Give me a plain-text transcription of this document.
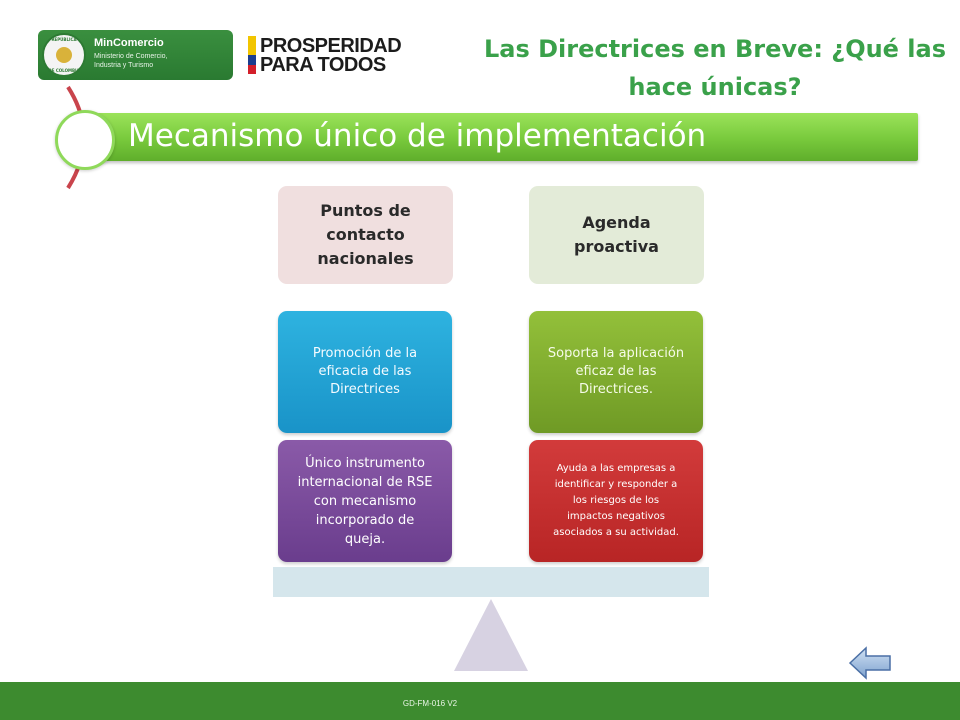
REPÚBLICA
DE COLOMBIA
MinComercio
Ministerio de Comercio,
Industria y Turismo
PROSPERIDAD
PARA TODOS
Las Directrices en Breve: ¿Qué las
hace únicas?
Mecanismo único de implementación
Puntos de
contacto
nacionales
Promoción de la
eficacia de las
Directrices
Único instrumento
internacional de RSE
con mecanismo
incorporado de
queja.
Agenda
proactiva
Soporta la aplicación
eficaz de las
Directrices.
Ayuda a las empresas a
identificar y responder a
los riesgos de los
impactos negativos
asociados a su actividad.
GD-FM-016 V2
